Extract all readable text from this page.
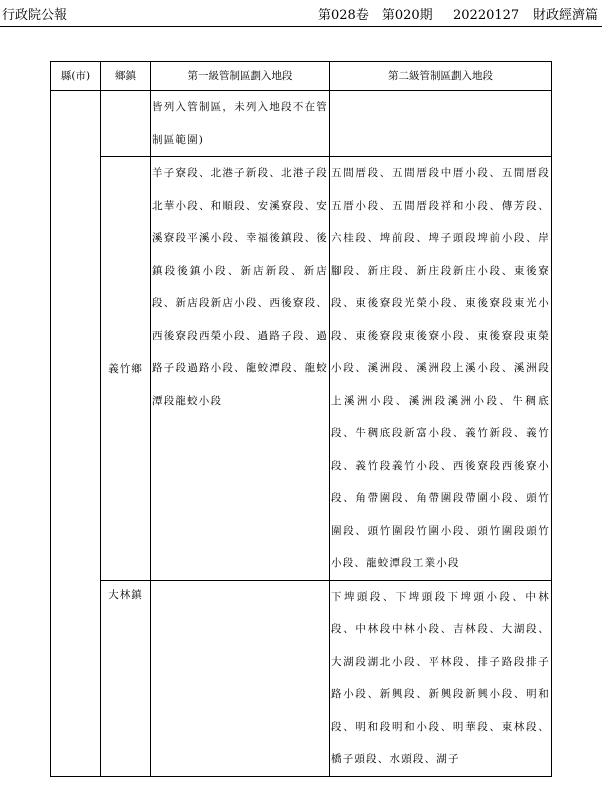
行政院公報	第028卷　第020期 20220127 財政經濟篇
縣(市)	鄉鎮	第一級管制區劃入地段	第二級管制區劃入地段
		皆列入管制區，未列入地段不在管制區範圍)	
	義竹鄉	羊子寮段、北港子新段、北港子段北華小段、和順段、安溪寮段、安溪寮段平溪小段、幸福後鎮段、後鎮段後鎮小段、新店新段、新店段、新店段新店小段、西後寮段、西後寮段西榮小段、過路子段、過路子段過路小段、龍蛟潭段、龍蛟潭段龍蛟小段	五間厝段、五間厝段中厝小段、五間厝段五厝小段、五間厝段祥和小段、傳芳段、六桂段、埤前段、埤子頭段埤前小段、岸腳段、新庄段、新庄段新庄小段、東後寮段、東後寮段光榮小段、東後寮段東光小段、東後寮段東後寮小段、東後寮段東榮小段、溪洲段、溪洲段上溪小段、溪洲段上溪洲小段、溪洲段溪洲小段、牛稠底段、牛稠底段新富小段、義竹新段、義竹段、義竹段義竹小段、西後寮段西後寮小段、角帶圍段、角帶圍段帶圍小段、頭竹圍段、頭竹圍段竹圍小段、頭竹圍段頭竹小段、龍蛟潭段工業小段
	大林鎮		下埤頭段、下埤頭段下埤頭小段、中林段、中林段中林小段、吉林段、大湖段、大湖段湖北小段、平林段、排子路段排子路小段、新興段、新興段新興小段、明和段、明和段明和小段、明華段、東林段、橋子頭段、水頭段、湖子
